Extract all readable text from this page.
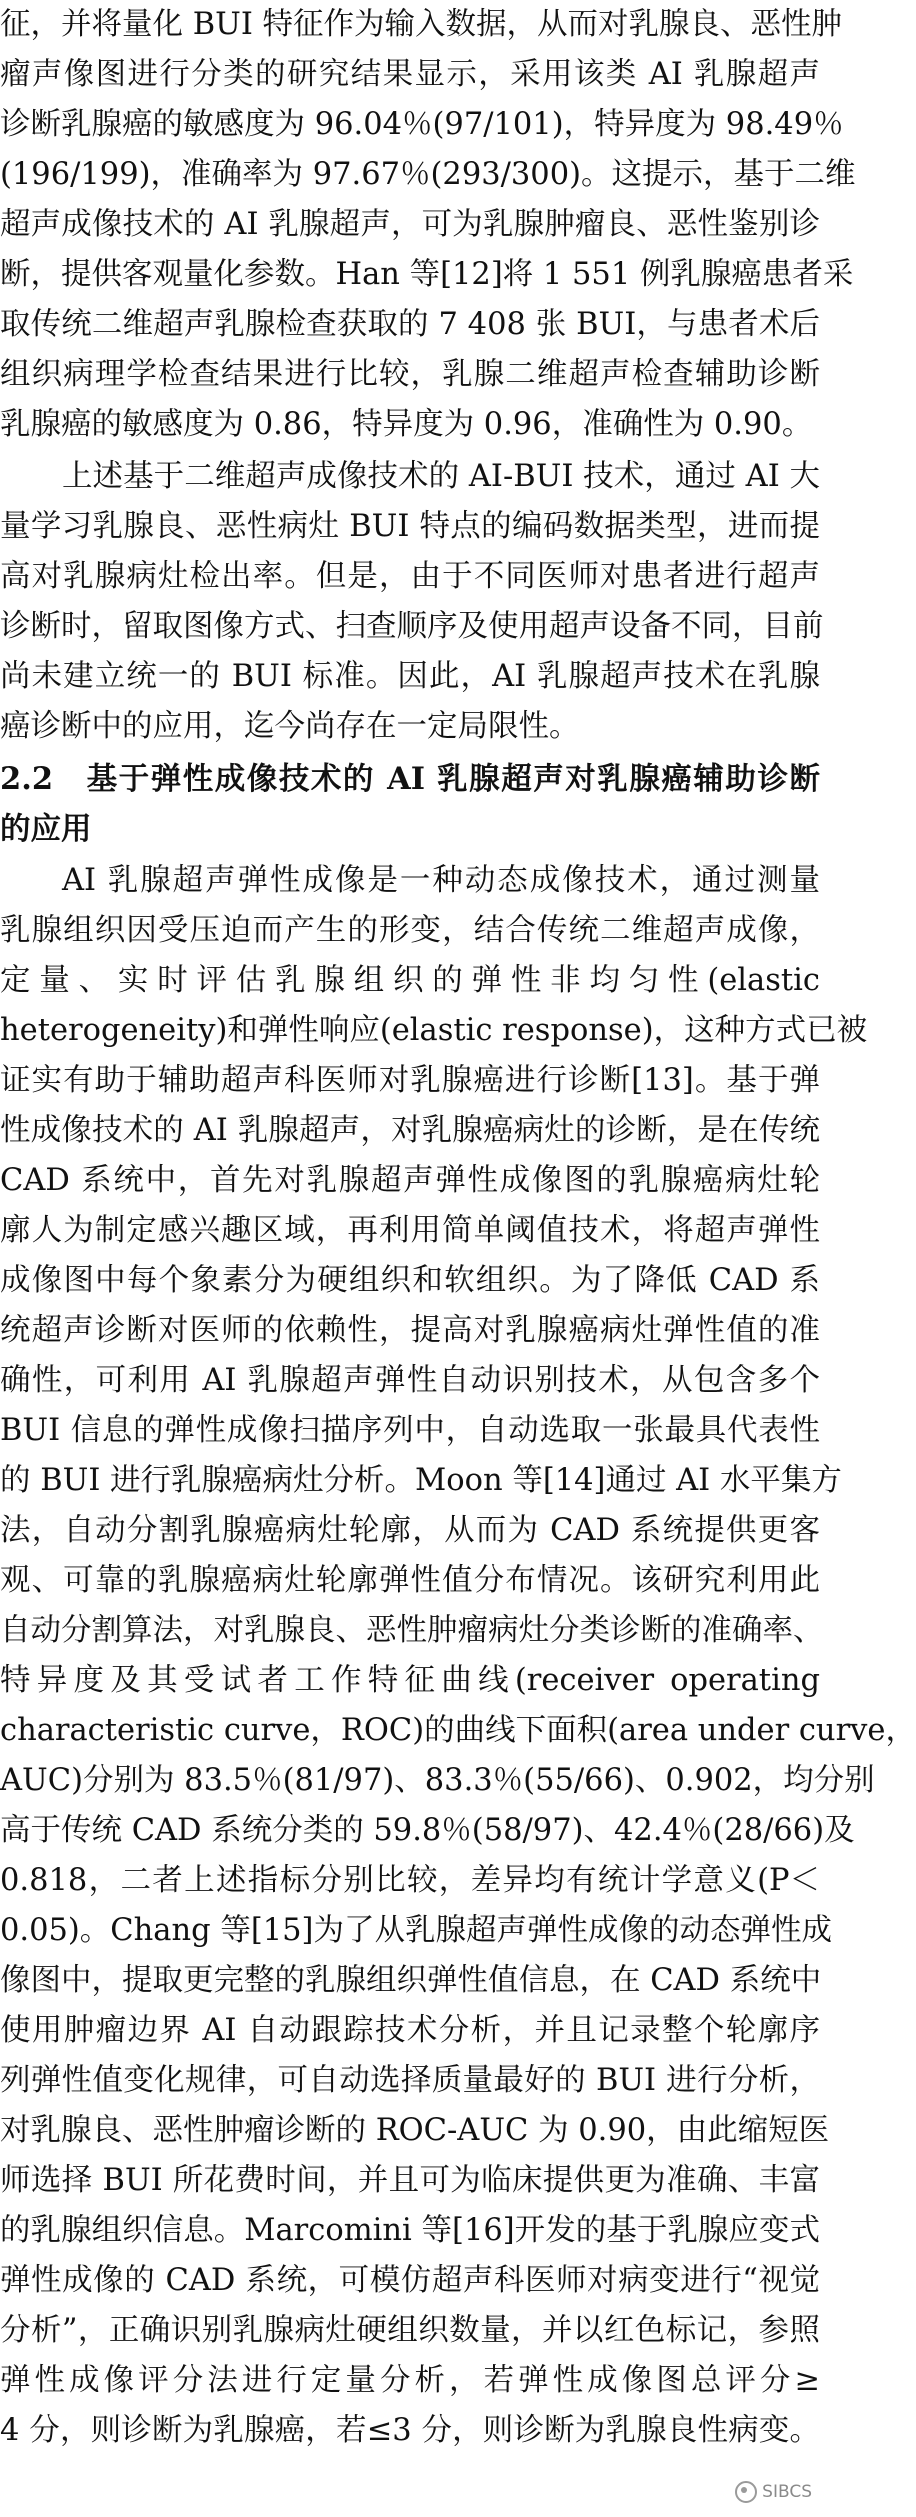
征，并将量化 BUI 特征作为输入数据，从而对乳腺良、恶性肿
瘤声像图进行分类的研究结果显示，采用该类 AI 乳腺超声
诊断乳腺癌的敏感度为 96.04％(97/101)，特异度为 98.49％
(196/199)，准确率为 97.67％(293/300)。这提示，基于二维
超声成像技术的 AI 乳腺超声，可为乳腺肿瘤良、恶性鉴别诊
断，提供客观量化参数。Han 等[12]将 1 551 例乳腺癌患者采
取传统二维超声乳腺检查获取的 7 408 张 BUI，与患者术后
组织病理学检查结果进行比较，乳腺二维超声检查辅助诊断
乳腺癌的敏感度为 0.86，特异度为 0.96，准确性为 0.90。
上述基于二维超声成像技术的 AI-BUI 技术，通过 AI 大
量学习乳腺良、恶性病灶 BUI 特点的编码数据类型，进而提
高对乳腺病灶检出率。但是，由于不同医师对患者进行超声
诊断时，留取图像方式、扫查顺序及使用超声设备不同，目前
尚未建立统一的 BUI 标准。因此，AI 乳腺超声技术在乳腺
癌诊断中的应用，迄今尚存在一定局限性。
2.2　基于弹性成像技术的 AI 乳腺超声对乳腺癌辅助诊断
的应用
AI 乳腺超声弹性成像是一种动态成像技术，通过测量
乳腺组织因受压迫而产生的形变，结合传统二维超声成像，
定量、实时评估乳腺组织的弹性非均匀性(elastic
heterogeneity)和弹性响应(elastic response)，这种方式已被
证实有助于辅助超声科医师对乳腺癌进行诊断[13]。基于弹
性成像技术的 AI 乳腺超声，对乳腺癌病灶的诊断，是在传统
CAD 系统中，首先对乳腺超声弹性成像图的乳腺癌病灶轮
廓人为制定感兴趣区域，再利用简单阈值技术，将超声弹性
成像图中每个象素分为硬组织和软组织。为了降低 CAD 系
统超声诊断对医师的依赖性，提高对乳腺癌病灶弹性值的准
确性，可利用 AI 乳腺超声弹性自动识别技术，从包含多个
BUI 信息的弹性成像扫描序列中，自动选取一张最具代表性
的 BUI 进行乳腺癌病灶分析。Moon 等[14]通过 AI 水平集方
法，自动分割乳腺癌病灶轮廓，从而为 CAD 系统提供更客
观、可靠的乳腺癌病灶轮廓弹性值分布情况。该研究利用此
自动分割算法，对乳腺良、恶性肿瘤病灶分类诊断的准确率、
特异度及其受试者工作特征曲线(receiver operating
characteristic curve，ROC)的曲线下面积(area under curve，
AUC)分别为 83.5％(81/97)、83.3％(55/66)、0.902，均分别
高于传统 CAD 系统分类的 59.8％(58/97)、42.4％(28/66)及
0.818，二者上述指标分别比较，差异均有统计学意义(P＜
0.05)。Chang 等[15]为了从乳腺超声弹性成像的动态弹性成
像图中，提取更完整的乳腺组织弹性值信息，在 CAD 系统中
使用肿瘤边界 AI 自动跟踪技术分析，并且记录整个轮廓序
列弹性值变化规律，可自动选择质量最好的 BUI 进行分析，
对乳腺良、恶性肿瘤诊断的 ROC-AUC 为 0.90，由此缩短医
师选择 BUI 所花费时间，并且可为临床提供更为准确、丰富
的乳腺组织信息。Marcomini 等[16]开发的基于乳腺应变式
弹性成像的 CAD 系统，可模仿超声科医师对病变进行“视觉
分析”，正确识别乳腺病灶硬组织数量，并以红色标记，参照
弹性成像评分法进行定量分析，若弹性成像图总评分≥
4 分，则诊断为乳腺癌，若≤3 分，则诊断为乳腺良性病变。
SIBCS
